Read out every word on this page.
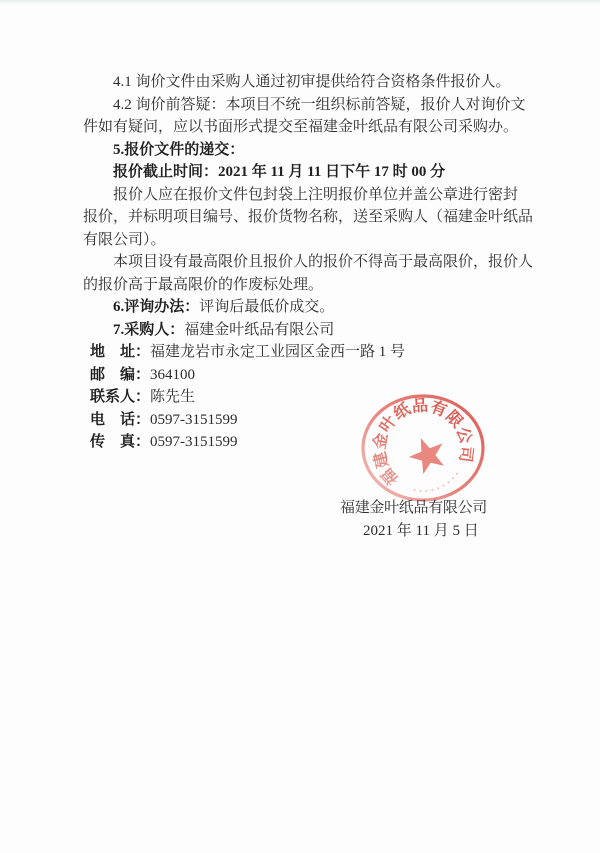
4.1 询价文件由采购人通过初审提供给符合资格条件报价人。
4.2 询价前答疑：本项目不统一组织标前答疑，报价人对询价文
件如有疑问，应以书面形式提交至福建金叶纸品有限公司采购办。
5.报价文件的递交：
报价截止时间：2021 年 11 月 11 日下午 17 时 00 分
报价人应在报价文件包封袋上注明报价单位并盖公章进行密封
报价，并标明项目编号、报价货物名称，送至采购人（福建金叶纸品
有限公司）。
本项目设有最高限价且报价人的报价不得高于最高限价，报价人
的报价高于最高限价的作废标处理。
6.评询办法：评询后最低价成交。
7.采购人：福建金叶纸品有限公司
地　址：福建龙岩市永定工业园区金西一路 1 号
邮　编：364100
联系人：陈先生
电　话：0597-3151599
传　真：0597-3151599
福建金叶纸品有限公司
福建金叶纸品有限公司
2021 年 11 月 5 日
